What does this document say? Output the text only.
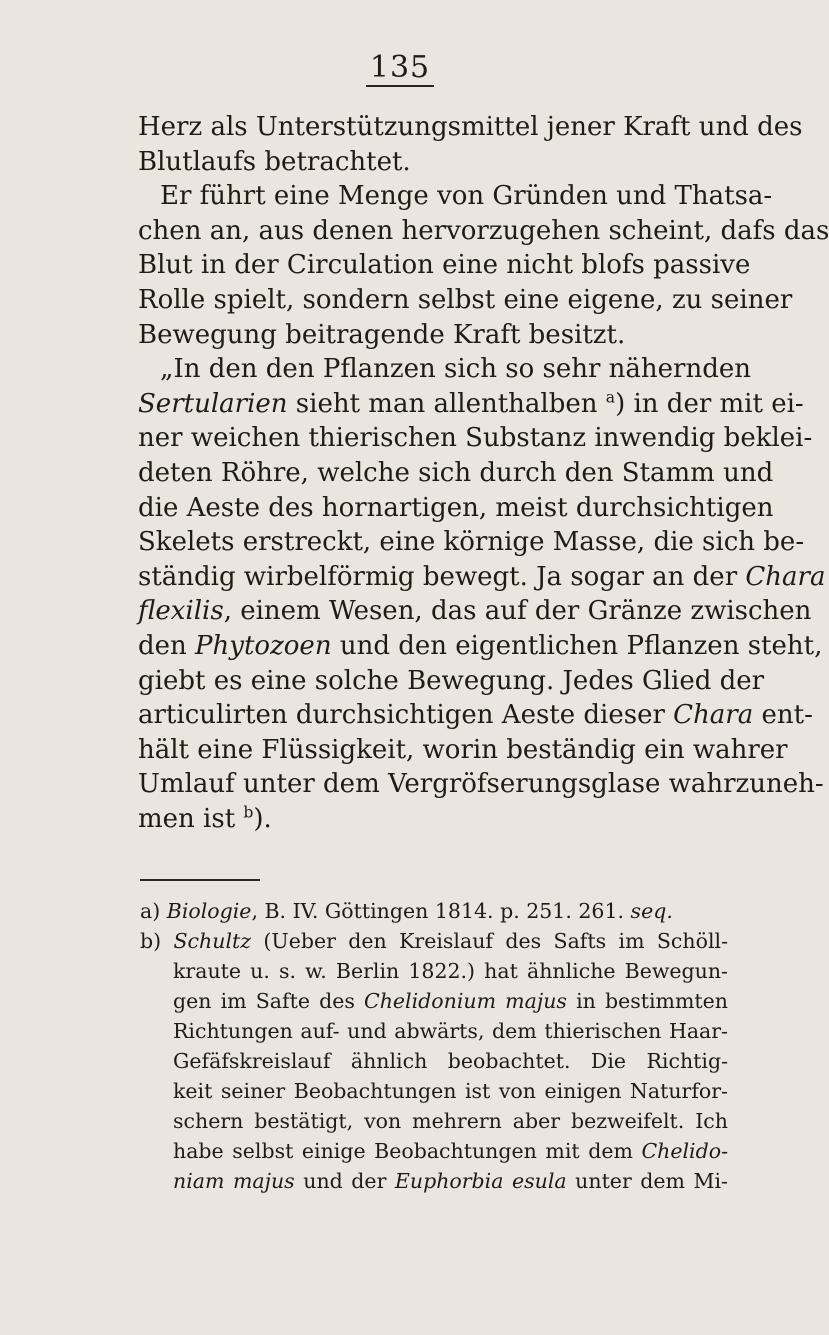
135
Herz als Unterstützungsmittel jener Kraft und des
Blutlaufs betrachtet.
Er führt eine Menge von Gründen und Thatsa-
chen an, aus denen hervorzugehen scheint, dafs das
Blut in der Circulation eine nicht blofs passive
Rolle spielt, sondern selbst eine eigene, zu seiner
Bewegung beitragende Kraft besitzt.
„In den den Pflanzen sich so sehr nähernden
Sertularien sieht man allenthalben $^a$) in der mit ei-
ner weichen thierischen Substanz inwendig beklei-
deten Röhre, welche sich durch den Stamm und
die Aeste des hornartigen, meist durchsichtigen
Skelets erstreckt, eine körnige Masse, die sich be-
ständig wirbelförmig bewegt. Ja sogar an der Chara
flexilis, einem Wesen, das auf der Gränze zwischen
den Phytozoen und den eigentlichen Pflanzen steht,
giebt es eine solche Bewegung. Jedes Glied der
articulirten durchsichtigen Aeste dieser Chara ent-
hält eine Flüssigkeit, worin beständig ein wahrer
Umlauf unter dem Vergröfserungsglase wahrzuneh-
men ist $^b$).
a) Biologie, B. IV. Göttingen 1814. p. 251. 261. seq.
b) Schultz (Ueber den Kreislauf des Safts im Schöll-
kraute u. s. w. Berlin 1822.) hat ähnliche Bewegun-
gen im Safte des Chelidonium majus in bestimmten
Richtungen auf- und abwärts, dem thierischen Haar-
Gefäfskreislauf ähnlich beobachtet. Die Richtig-
keit seiner Beobachtungen ist von einigen Naturfor-
schern bestätigt, von mehrern aber bezweifelt. Ich
habe selbst einige Beobachtungen mit dem Chelido-
niam majus und der Euphorbia esula unter dem Mi-
